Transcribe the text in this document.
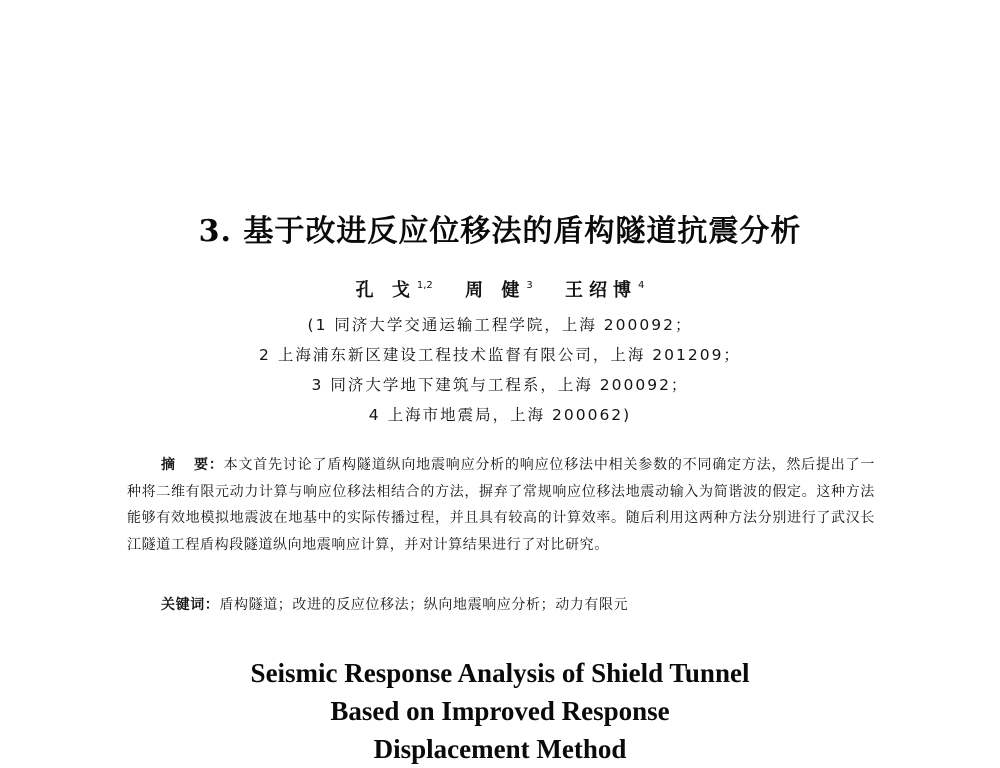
3. 基于改进反应位移法的盾构隧道抗震分析
孔 戈$^{1,2}$ 周 健$^3$ 王绍博$^4$
(1 同济大学交通运输工程学院，上海 200092；
2 上海浦东新区建设工程技术监督有限公司，上海 201209；
3 同济大学地下建筑与工程系，上海 200092；
4 上海市地震局，上海 200062)
摘 要：本文首先讨论了盾构隧道纵向地震响应分析的响应位移法中相关参数的不同确定方法，然后提出了一种将二维有限元动力计算与响应位移法相结合的方法，摒弃了常规响应位移法地震动输入为简谐波的假定。这种方法能够有效地模拟地震波在地基中的实际传播过程，并且具有较高的计算效率。随后利用这两种方法分别进行了武汉长江隧道工程盾构段隧道纵向地震响应计算，并对计算结果进行了对比研究。
关键词：盾构隧道；改进的反应位移法；纵向地震响应分析；动力有限元
Seismic Response Analysis of Shield Tunnel
Based on Improved Response
Displacement Method
